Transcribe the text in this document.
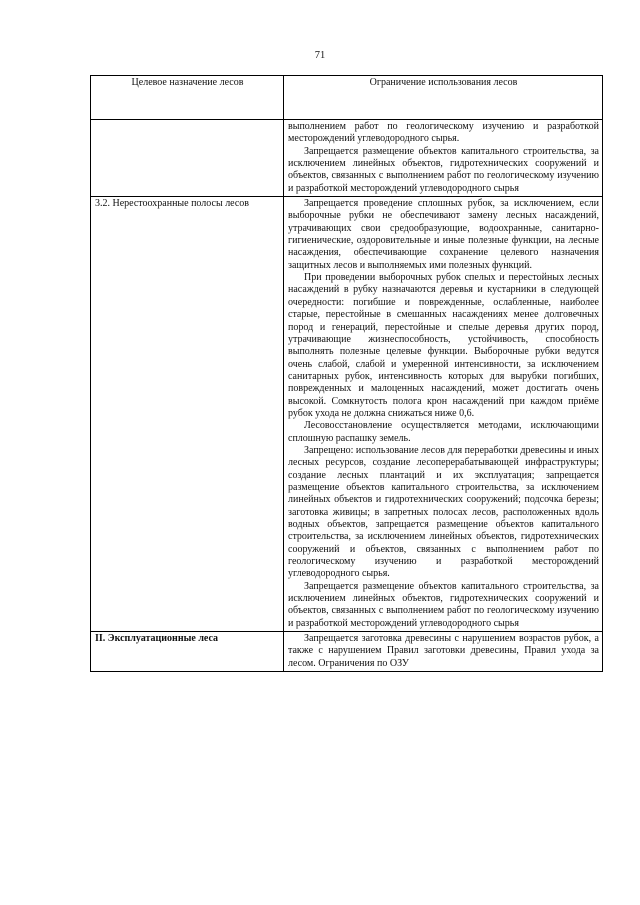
71
Целевое назначение лесов	Ограничение использования лесов

	выполнением работ по геологическому изучению и разработкой месторождений углеводородного сырья.

Запрещается размещение объектов капитального строительства, за исключением линейных объектов, гидротехнических сооружений и объектов, связанных с выполнением работ по геологическому изучению и разработкой месторождений углеводородного сырья

3.2. Нерестоохранные полосы лесов	Запрещается проведение сплошных рубок, за исключением, если выборочные рубки не обеспечивают замену лесных насаждений, утрачивающих свои средообразующие, водоохранные, санитарно-гигиенические, оздоровительные и иные полезные функции, на лесные насаждения, обеспечивающие сохранение целевого назначения защитных лесов и выполняемых ими полезных функций.

При проведении выборочных рубок спелых и перестойных лесных насаждений в рубку назначаются деревья и кустарники в следующей очередности: погибшие и поврежденные, ослабленные, наиболее старые, перестойные в смешанных насаждениях менее долговечных пород и генераций, перестойные и спелые деревья других пород, утрачивающие жизнеспособность, устойчивость, способность выполнять полезные целевые функции. Выборочные рубки ведутся очень слабой, слабой и умеренной интенсивности, за исключением санитарных рубок, интенсивность которых для вырубки погибших, поврежденных и малоценных насаждений, может достигать очень высокой. Сомкнутость полога крон насаждений при каждом приёме рубок ухода не должна снижаться ниже 0,6.

Лесовосстановление осуществляется методами, исключающими сплошную распашку земель.

Запрещено: использование лесов для переработки древесины и иных лесных ресурсов, создание лесоперерабатывающей инфраструктуры; создание лесных плантаций и их эксплуатация; запрещается размещение объектов капитального строительства, за исключением линейных объектов и гидротехнических сооружений; подсочка березы; заготовка живицы; в запретных полосах лесов, расположенных вдоль водных объектов, запрещается размещение объектов капитального строительства, за исключением линейных объектов, гидротехнических сооружений и объектов, связанных с выполнением работ по геологическому изучению и разработкой месторождений углеводородного сырья.

Запрещается размещение объектов капитального строительства, за исключением линейных объектов, гидротехнических сооружений и объектов, связанных с выполнением работ по геологическому изучению и разработкой месторождений углеводородного сырья

II. Эксплуатационные леса	Запрещается заготовка древесины с нарушением возрастов рубок, а также с нарушением Правил заготовки древесины, Правил ухода за лесом. Ограничения по ОЗУ
